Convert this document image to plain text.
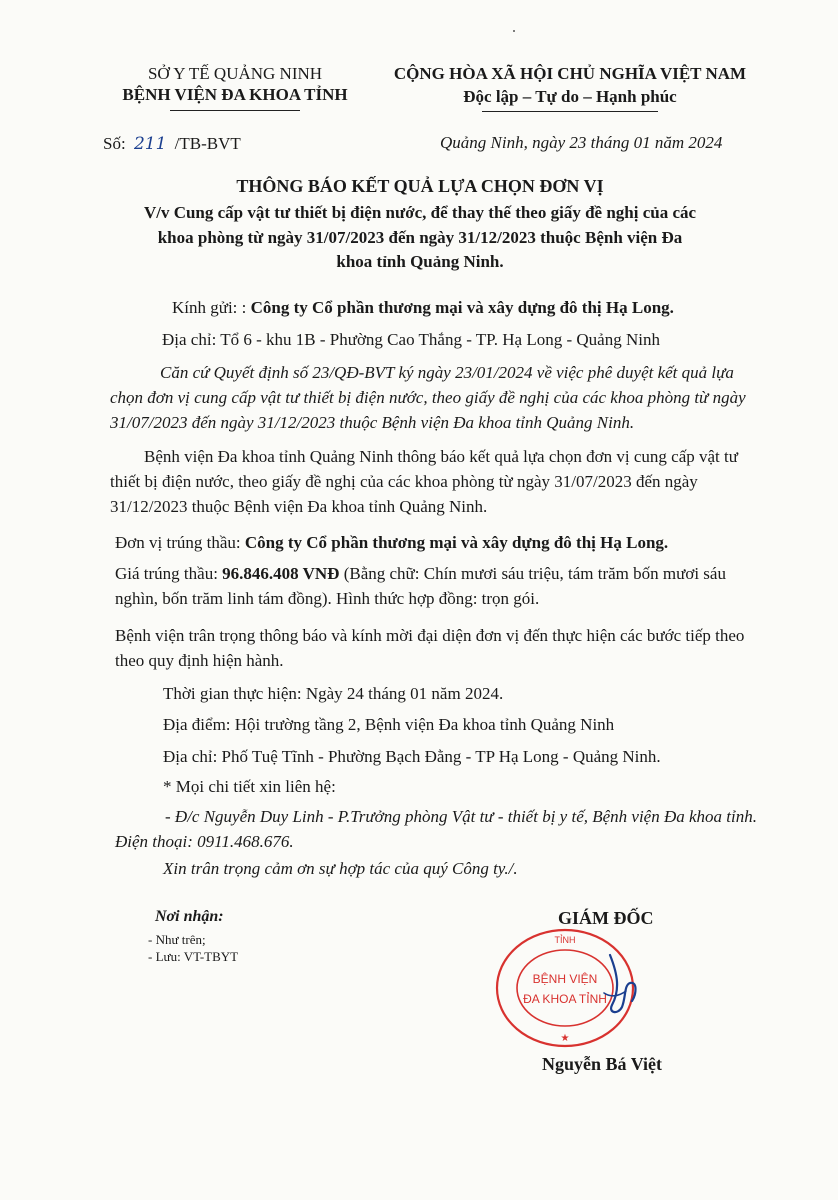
SỞ Y TẾ QUẢNG NINH
BỆNH VIỆN ĐA KHOA TỈNH
CỘNG HÒA XÃ HỘI CHỦ NGHĨA VIỆT NAM
Độc lập – Tự do – Hạnh phúc
Số: 211 /TB-BVT	Quảng Ninh, ngày 23 tháng 01 năm 2024
THÔNG BÁO KẾT QUẢ LỰA CHỌN ĐƠN VỊ
V/v Cung cấp vật tư thiết bị điện nước, để thay thế theo giấy đề nghị của các
khoa phòng từ ngày 31/07/2023 đến ngày 31/12/2023 thuộc Bệnh viện Đa
khoa tỉnh Quảng Ninh.
Kính gửi: : Công ty Cổ phần thương mại và xây dựng đô thị Hạ Long.
Địa chỉ: Tổ 6 - khu 1B - Phường Cao Thắng - TP. Hạ Long - Quảng Ninh
Căn cứ Quyết định số 23/QĐ-BVT ký ngày 23/01/2024 về việc phê duyệt kết quả lựa chọn đơn vị cung cấp vật tư thiết bị điện nước, theo giấy đề nghị của các khoa phòng từ ngày 31/07/2023 đến ngày 31/12/2023 thuộc Bệnh viện Đa khoa tỉnh Quảng Ninh.
Bệnh viện Đa khoa tỉnh Quảng Ninh thông báo kết quả lựa chọn đơn vị cung cấp vật tư thiết bị điện nước, theo giấy đề nghị của các khoa phòng từ ngày 31/07/2023 đến ngày 31/12/2023 thuộc Bệnh viện Đa khoa tỉnh Quảng Ninh.
Đơn vị trúng thầu: Công ty Cổ phần thương mại và xây dựng đô thị Hạ Long.
Giá trúng thầu: 96.846.408 VNĐ (Bằng chữ: Chín mươi sáu triệu, tám trăm bốn mươi sáu nghìn, bốn trăm linh tám đồng). Hình thức hợp đồng: trọn gói.
Bệnh viện trân trọng thông báo và kính mời đại diện đơn vị đến thực hiện các bước tiếp theo theo quy định hiện hành.
Thời gian thực hiện: Ngày 24 tháng 01 năm 2024.
Địa điểm: Hội trường tầng 2, Bệnh viện Đa khoa tỉnh Quảng Ninh
Địa chỉ: Phố Tuệ Tĩnh - Phường Bạch Đằng - TP Hạ Long - Quảng Ninh.
* Mọi chi tiết xin liên hệ:
- Đ/c Nguyễn Duy Linh - P.Trưởng phòng Vật tư - thiết bị y tế, Bệnh viện Đa khoa tỉnh. Điện thoại: 0911.468.676.
Xin trân trọng cảm ơn sự hợp tác của quý Công ty./.
Nơi nhận:
- Như trên;
- Lưu: VT-TBYT
GIÁM ĐỐC
TỈNH
BỆNH VIỆN
ĐA KHOA TỈNH
★
Nguyễn Bá Việt
